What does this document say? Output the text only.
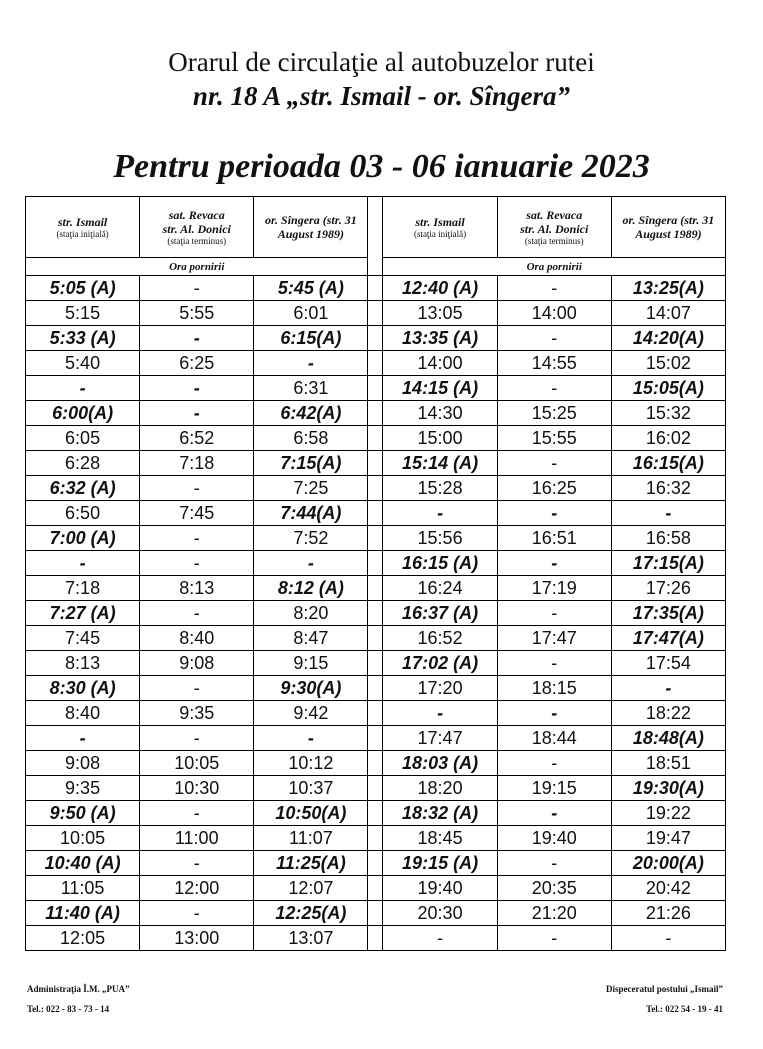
Orarul de circulaţie al autobuzelor rutei
nr. 18 A „str. Ismail - or. Sîngera”
Pentru perioada 03 - 06 ianuarie 2023
str. Ismail
(staţia iniţială)	sat. Revaca
str. Al. Donici
(staţia terminus)	or. Sîngera (str. 31 August 1989)		str. Ismail
(staţia iniţială)	sat. Revaca
str. Al. Donici
(staţia terminus)	or. Sîngera (str. 31 August 1989)
Ora pornirii				Ora pornirii		
5:05 (A)	-	5:45 (A)		12:40 (A)	-	13:25(A)
5:15	5:55	6:01		13:05	14:00	14:07
5:33 (A)	-	6:15(A)		13:35 (A)	-	14:20(A)
5:40	6:25	-		14:00	14:55	15:02
-	-	6:31		14:15 (A)	-	15:05(A)
6:00(A)	-	6:42(A)		14:30	15:25	15:32
6:05	6:52	6:58		15:00	15:55	16:02
6:28	7:18	7:15(A)		15:14 (A)	-	16:15(A)
6:32 (A)	-	7:25		15:28	16:25	16:32
6:50	7:45	7:44(A)		-	-	-
7:00 (A)	-	7:52		15:56	16:51	16:58
-	-	-		16:15 (A)	-	17:15(A)
7:18	8:13	8:12 (A)		16:24	17:19	17:26
7:27 (A)	-	8:20		16:37 (A)	-	17:35(A)
7:45	8:40	8:47		16:52	17:47	17:47(A)
8:13	9:08	9:15		17:02 (A)	-	17:54
8:30 (A)	-	9:30(A)		17:20	18:15	-
8:40	9:35	9:42		-	-	18:22
-	-	-		17:47	18:44	18:48(A)
9:08	10:05	10:12		18:03 (A)	-	18:51
9:35	10:30	10:37		18:20	19:15	19:30(A)
9:50 (A)	-	10:50(A)		18:32 (A)	-	19:22
10:05	11:00	11:07		18:45	19:40	19:47
10:40 (A)	-	11:25(A)		19:15 (A)	-	20:00(A)
11:05	12:00	12:07		19:40	20:35	20:42
11:40 (A)	-	12:25(A)		20:30	21:20	21:26
12:05	13:00	13:07		-	-	-
Administraţia Î.M. „PUA”
Tel.: 022 - 83 - 73 - 14
Dispeceratul postului „Ismail”
Tel.: 022 54 - 19 - 41
